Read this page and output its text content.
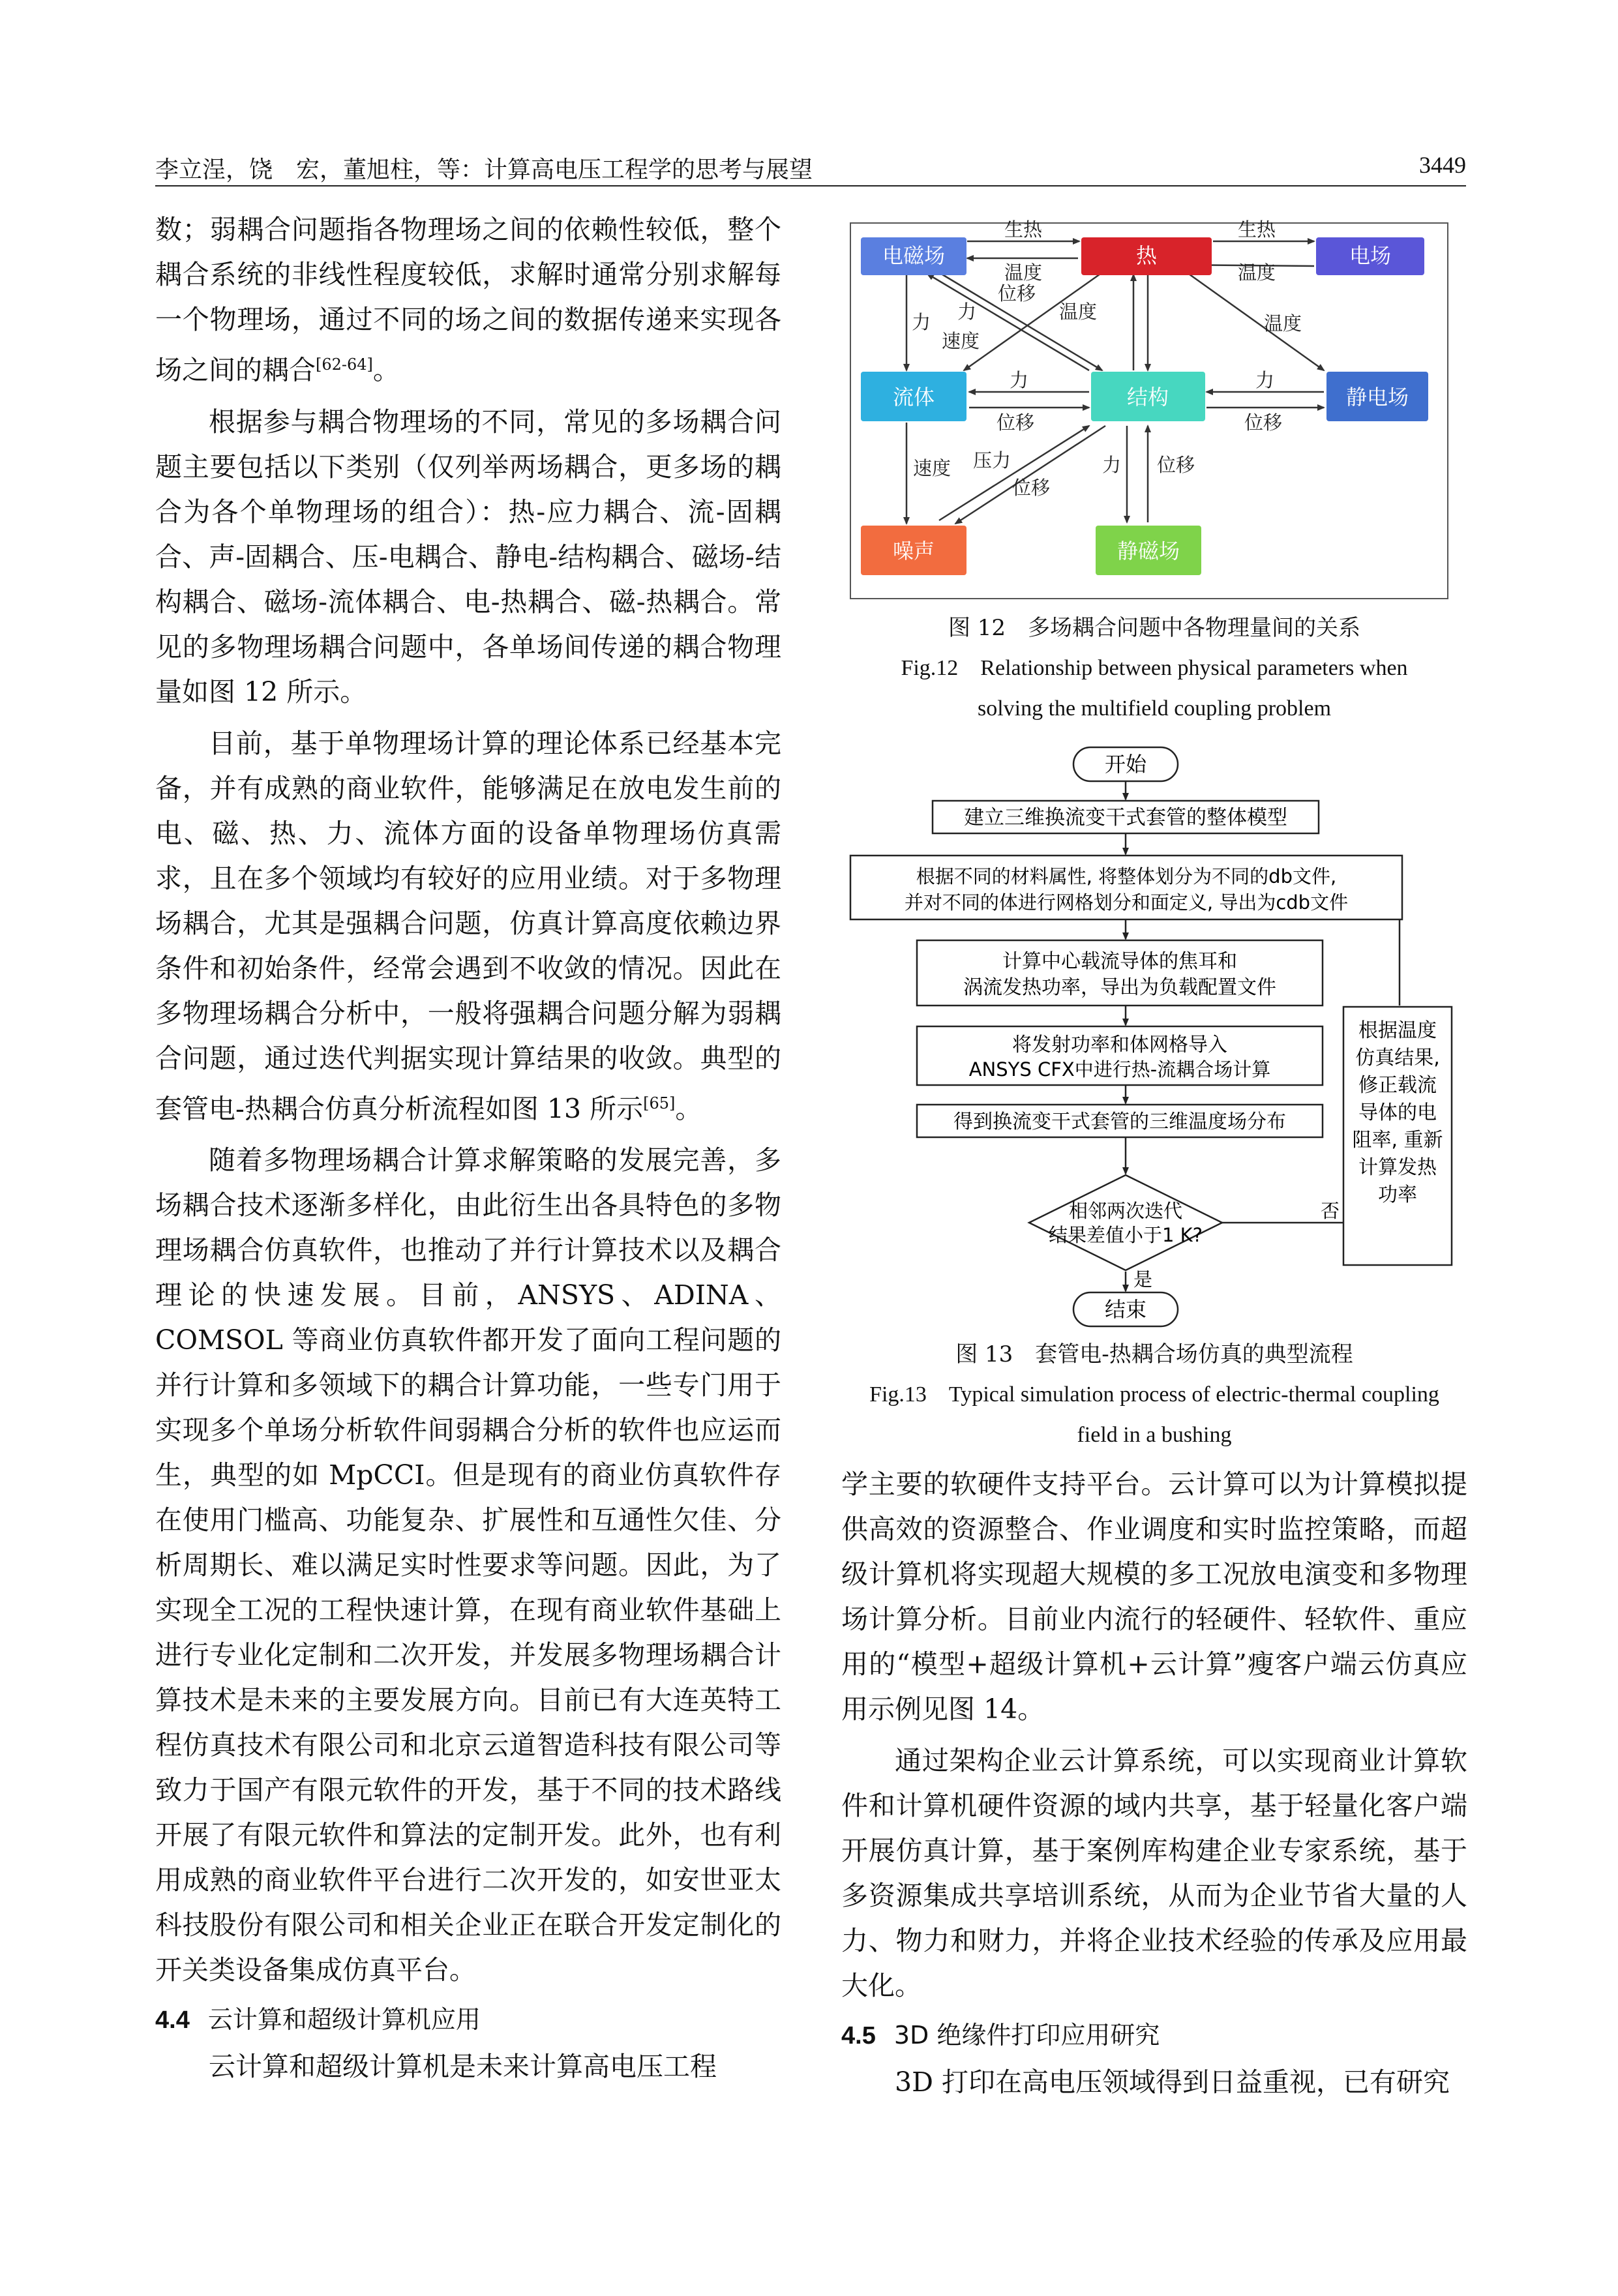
李立浧，饶　宏，董旭柱，等：计算高电压工程学的思考与展望	3449

数；弱耦合问题指各物理场之间的依赖性较低，整个耦合系统的非线性程度较低，求解时通常分别求解每一个物理场，通过不同的场之间的数据传递来实现各场之间的耦合[62-64]。

根据参与耦合物理场的不同，常见的多场耦合问题主要包括以下类别（仅列举两场耦合，更多场的耦合为各个单物理场的组合）：热-应力耦合、流-固耦合、声-固耦合、压-电耦合、静电-结构耦合、磁场-结构耦合、磁场-流体耦合、电-热耦合、磁-热耦合。常见的多物理场耦合问题中，各单场间传递的耦合物理量如图 12 所示。

目前，基于单物理场计算的理论体系已经基本完备，并有成熟的商业软件，能够满足在放电发生前的电、磁、热、力、流体方面的设备单物理场仿真需求，且在多个领域均有较好的应用业绩。对于多物理场耦合，尤其是强耦合问题，仿真计算高度依赖边界条件和初始条件，经常会遇到不收敛的情况。因此在多物理场耦合分析中，一般将强耦合问题分解为弱耦合问题，通过迭代判据实现计算结果的收敛。典型的套管电-热耦合仿真分析流程如图 13 所示[65]。

随着多物理场耦合计算求解策略的发展完善，多场耦合技术逐渐多样化，由此衍生出各具特色的多物理场耦合仿真软件，也推动了并行计算技术以及耦合理论的快速发展。目前，ANSYS、ADINA、COMSOL 等商业仿真软件都开发了面向工程问题的并行计算和多领域下的耦合计算功能，一些专门用于实现多个单场分析软件间弱耦合分析的软件也应运而生，典型的如 MpCCI。但是现有的商业仿真软件存在使用门槛高、功能复杂、扩展性和互通性欠佳、分析周期长、难以满足实时性要求等问题。因此，为了实现全工况的工程快速计算，在现有商业软件基础上进行专业化定制和二次开发，并发展多物理场耦合计算技术是未来的主要发展方向。目前已有大连英特工程仿真技术有限公司和北京云道智造科技有限公司等致力于国产有限元软件的开发，基于不同的技术路线开展了有限元软件和算法的定制开发。此外，也有利用成熟的商业软件平台进行二次开发的，如安世亚太科技股份有限公司和相关企业正在联合开发定制化的开关类设备集成仿真平台。

4.4 云计算和超级计算机应用

云计算和超级计算机是未来计算高电压工程

电磁场	热	电场
流体	结构	静电场
噪声	静磁场
生热	生热
温度	温度
位移
力 力
速度
温度
温度
力
位移
力
位移
速度 压力
位移
力 位移
图 12　多场耦合问题中各物理量间的关系
Fig.12　Relationship between physical parameters when
solving the multifield coupling problem
开始
建立三维换流变干式套管的整体模型
根据不同的材料属性, 将整体划分为不同的db文件,
并对不同的体进行网格划分和面定义, 导出为cdb文件
计算中心载流导体的焦耳和
涡流发热功率，导出为负载配置文件
将发射功率和体网格导入
ANSYS CFX中进行热-流耦合场计算
得到换流变干式套管的三维温度场分布
根据温度
仿真结果,
修正载流
导体的电
阻率, 重新
计算发热
功率
相邻两次迭代
结果差值小于1 K?
否
是
结束
图 13　套管电-热耦合场仿真的典型流程
Fig.13　Typical simulation process of electric-thermal coupling
field in a bushing

学主要的软硬件支持平台。云计算可以为计算模拟提供高效的资源整合、作业调度和实时监控策略，而超级计算机将实现超大规模的多工况放电演变和多物理场计算分析。目前业内流行的轻硬件、轻软件、重应用的“模型+超级计算机+云计算”瘦客户端云仿真应用示例见图 14。

通过架构企业云计算系统，可以实现商业计算软件和计算机硬件资源的域内共享，基于轻量化客户端开展仿真计算，基于案例库构建企业专家系统，基于多资源集成共享培训系统，从而为企业节省大量的人力、物力和财力，并将企业技术经验的传承及应用最大化。

4.5 3D 绝缘件打印应用研究

3D 打印在高电压领域得到日益重视，已有研究
